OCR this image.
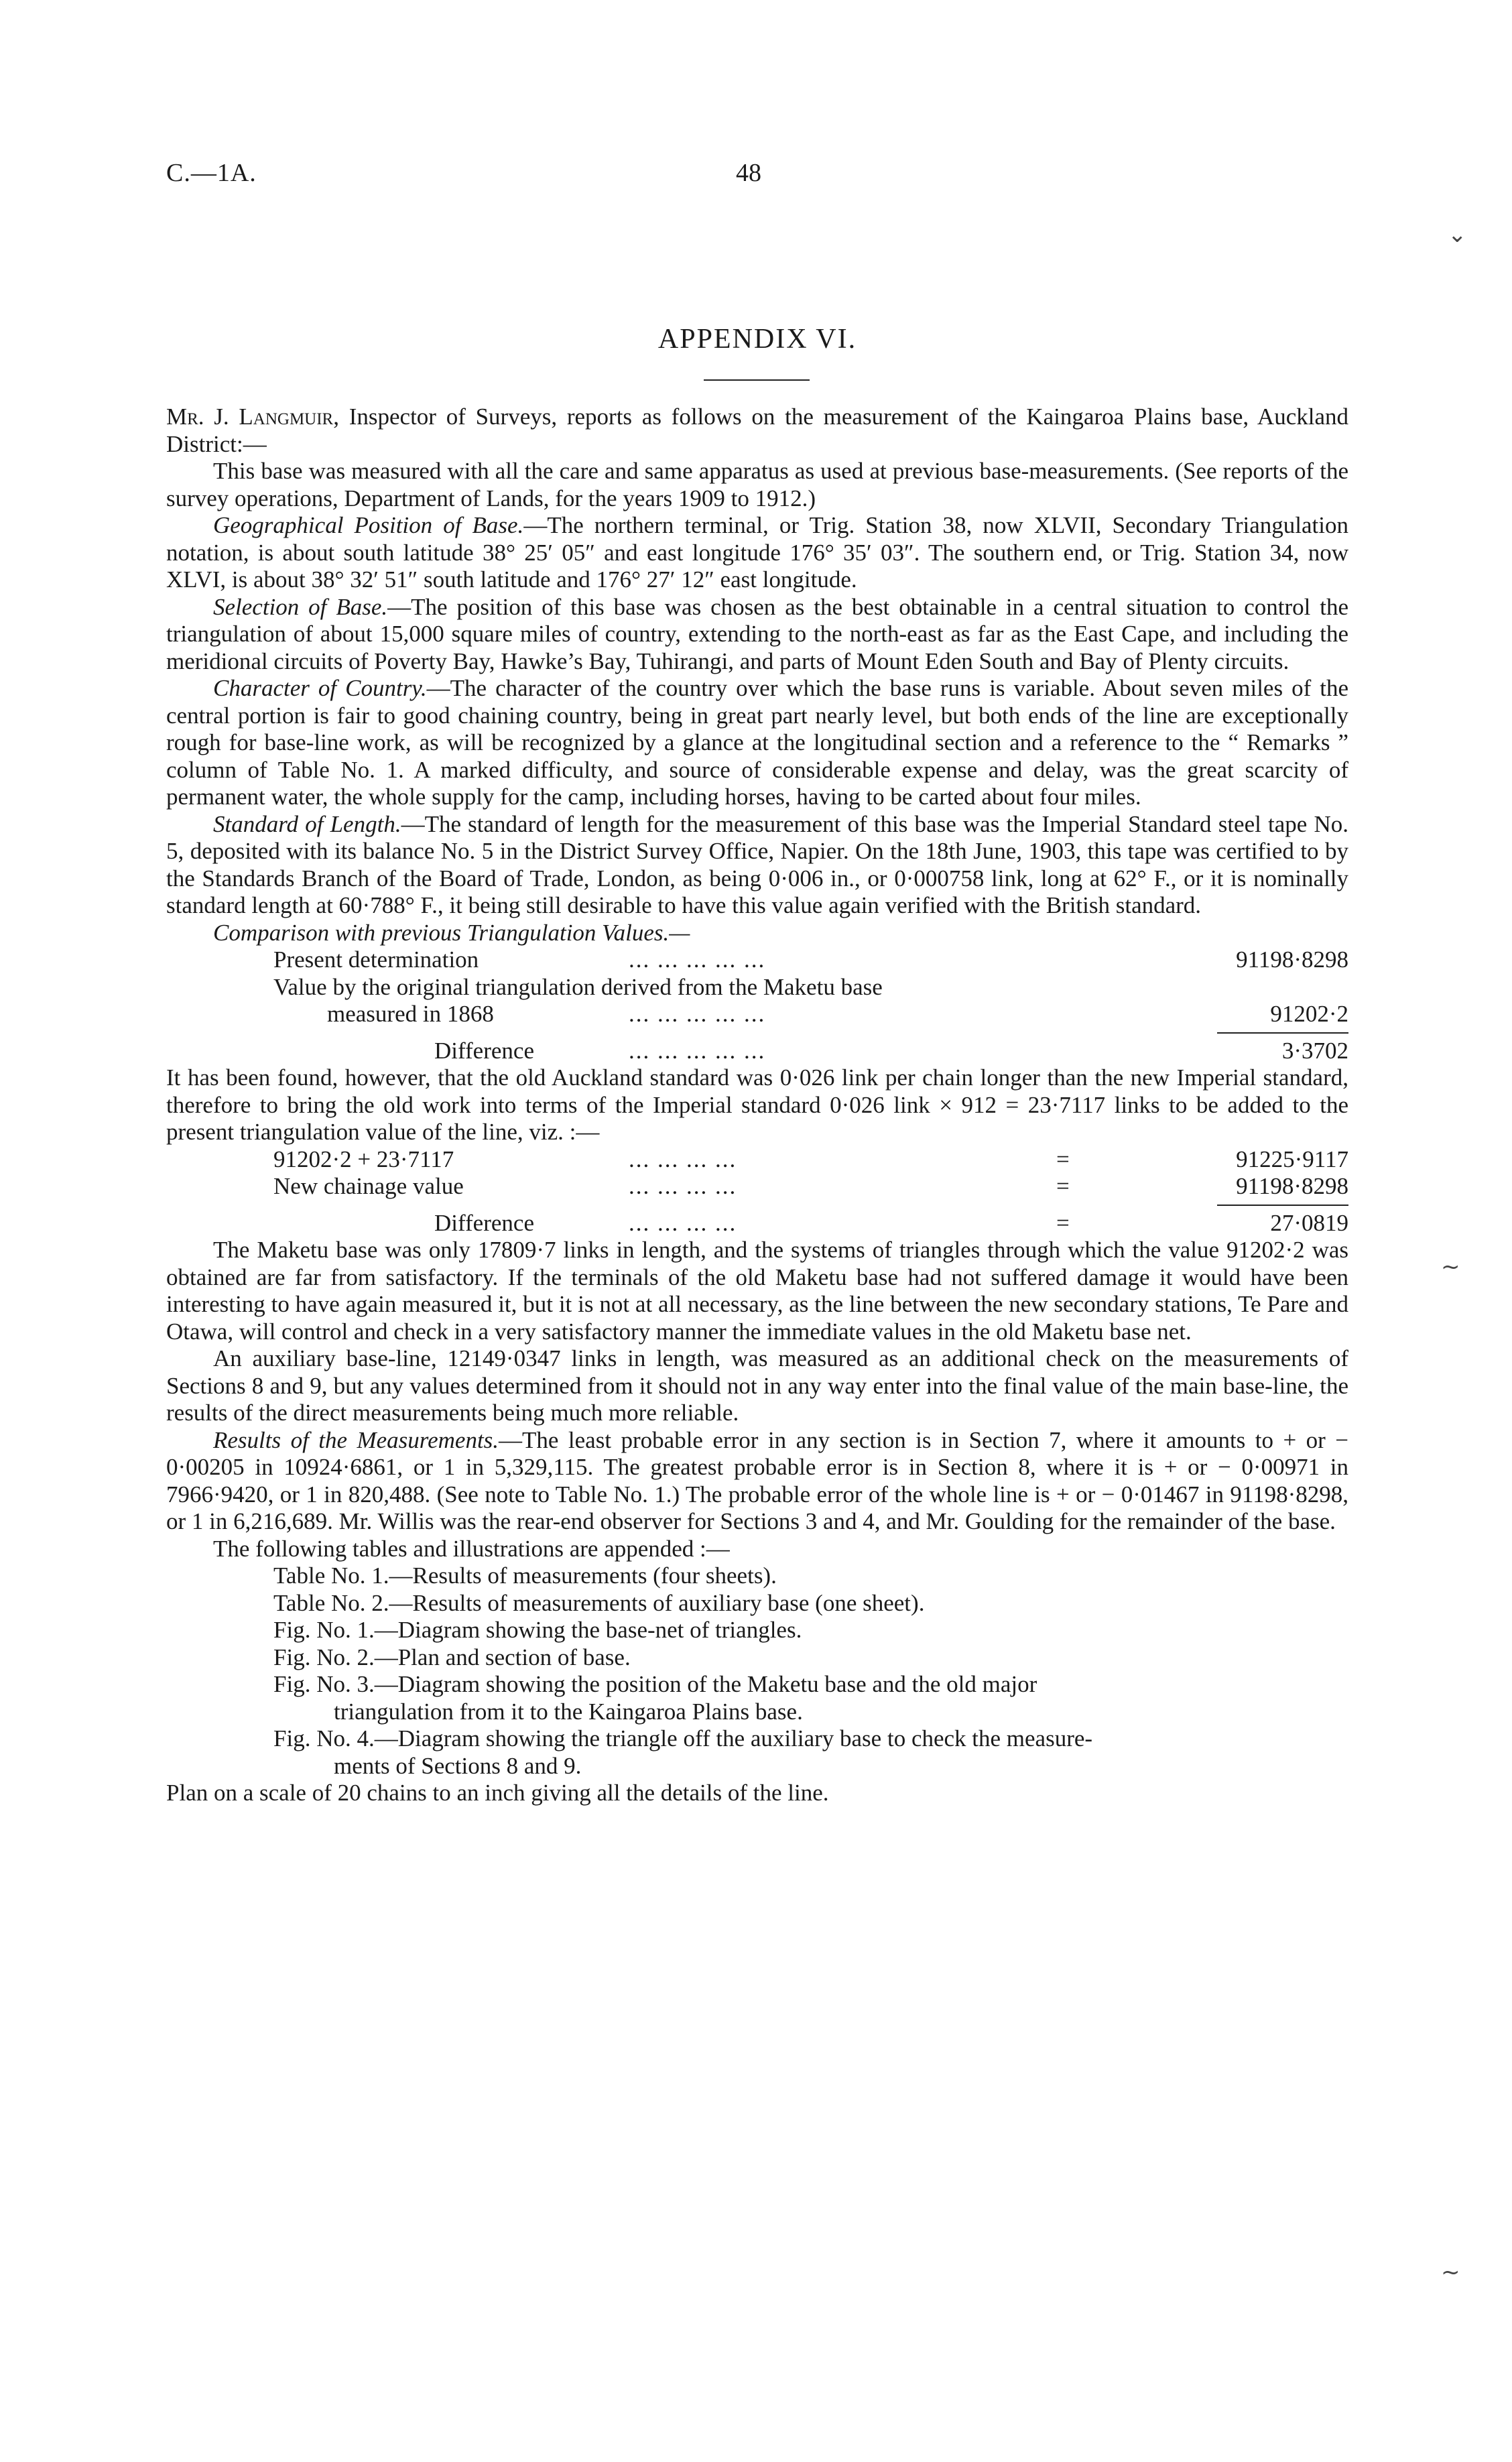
C.—1A.	48
APPENDIX VI.

Mr. J. Langmuir, Inspector of Surveys, reports as follows on the measurement of the Kaingaroa Plains base, Auckland District:—

This base was measured with all the care and same apparatus as used at previous base-measurements. (See reports of the survey operations, Department of Lands, for the years 1909 to 1912.)

Geographical Position of Base.—The northern terminal, or Trig. Station 38, now XLVII, Secondary Triangulation notation, is about south latitude 38° 25′ 05″ and east longitude 176° 35′ 03″. The southern end, or Trig. Station 34, now XLVI, is about 38° 32′ 51″ south latitude and 176° 27′ 12″ east longitude.

Selection of Base.—The position of this base was chosen as the best obtainable in a central situation to control the triangulation of about 15,000 square miles of country, extending to the north-east as far as the East Cape, and including the meridional circuits of Poverty Bay, Hawke’s Bay, Tuhirangi, and parts of Mount Eden South and Bay of Plenty circuits.

Character of Country.—The character of the country over which the base runs is variable. About seven miles of the central portion is fair to good chaining country, being in great part nearly level, but both ends of the line are exceptionally rough for base-line work, as will be recognized by a glance at the longitudinal section and a reference to the “ Remarks ” column of Table No. 1. A marked difficulty, and source of considerable expense and delay, was the great scarcity of permanent water, the whole supply for the camp, including horses, having to be carted about four miles.

Standard of Length.—The standard of length for the measurement of this base was the Imperial Standard steel tape No. 5, deposited with its balance No. 5 in the District Survey Office, Napier. On the 18th June, 1903, this tape was certified to by the Standards Branch of the Board of Trade, London, as being 0·006 in., or 0·000758 link, long at 62° F., or it is nominally standard length at 60·788° F., it being still desirable to have this value again verified with the British standard.

Comparison with previous Triangulation Values.—
Present determination	... ... ... ... ...	91198·8298
Value by the original triangulation derived from the Maketu base
measured in 1868	... ... ... ... ...	91202·2
Difference	... ... ... ... ...	3·3702

It has been found, however, that the old Auckland standard was 0·026 link per chain longer than the new Imperial standard, therefore to bring the old work into terms of the Imperial standard 0·026 link × 912 = 23·7117 links to be added to the present triangulation value of the line, viz. :—

91202·2 + 23·7117	... ... ... ...	=	91225·9117
New chainage value	... ... ... ...	=	91198·8298
Difference	... ... ... ...	=	27·0819

The Maketu base was only 17809·7 links in length, and the systems of triangles through which the value 91202·2 was obtained are far from satisfactory. If the terminals of the old Maketu base had not suffered damage it would have been interesting to have again measured it, but it is not at all necessary, as the line between the new secondary stations, Te Pare and Otawa, will control and check in a very satisfactory manner the immediate values in the old Maketu base net.

An auxiliary base-line, 12149·0347 links in length, was measured as an additional check on the measurements of Sections 8 and 9, but any values determined from it should not in any way enter into the final value of the main base-line, the results of the direct measurements being much more reliable.

Results of the Measurements.—The least probable error in any section is in Section 7, where it amounts to + or − 0·00205 in 10924·6861, or 1 in 5,329,115. The greatest probable error is in Section 8, where it is + or − 0·00971 in 7966·9420, or 1 in 820,488. (See note to Table No. 1.) The probable error of the whole line is + or − 0·01467 in 91198·8298, or 1 in 6,216,689. Mr. Willis was the rear-end observer for Sections 3 and 4, and Mr. Goulding for the remainder of the base.

The following tables and illustrations are appended :—

Table No. 1.—Results of measurements (four sheets).
Table No. 2.—Results of measurements of auxiliary base (one sheet).
Fig. No. 1.—Diagram showing the base-net of triangles.
Fig. No. 2.—Plan and section of base.
Fig. No. 3.—Diagram showing the position of the Maketu base and the old major
triangulation from it to the Kaingaroa Plains base.
Fig. No. 4.—Diagram showing the triangle off the auxiliary base to check the measure-
ments of Sections 8 and 9.

Plan on a scale of 20 chains to an inch giving all the details of the line.

⌄
~
~
